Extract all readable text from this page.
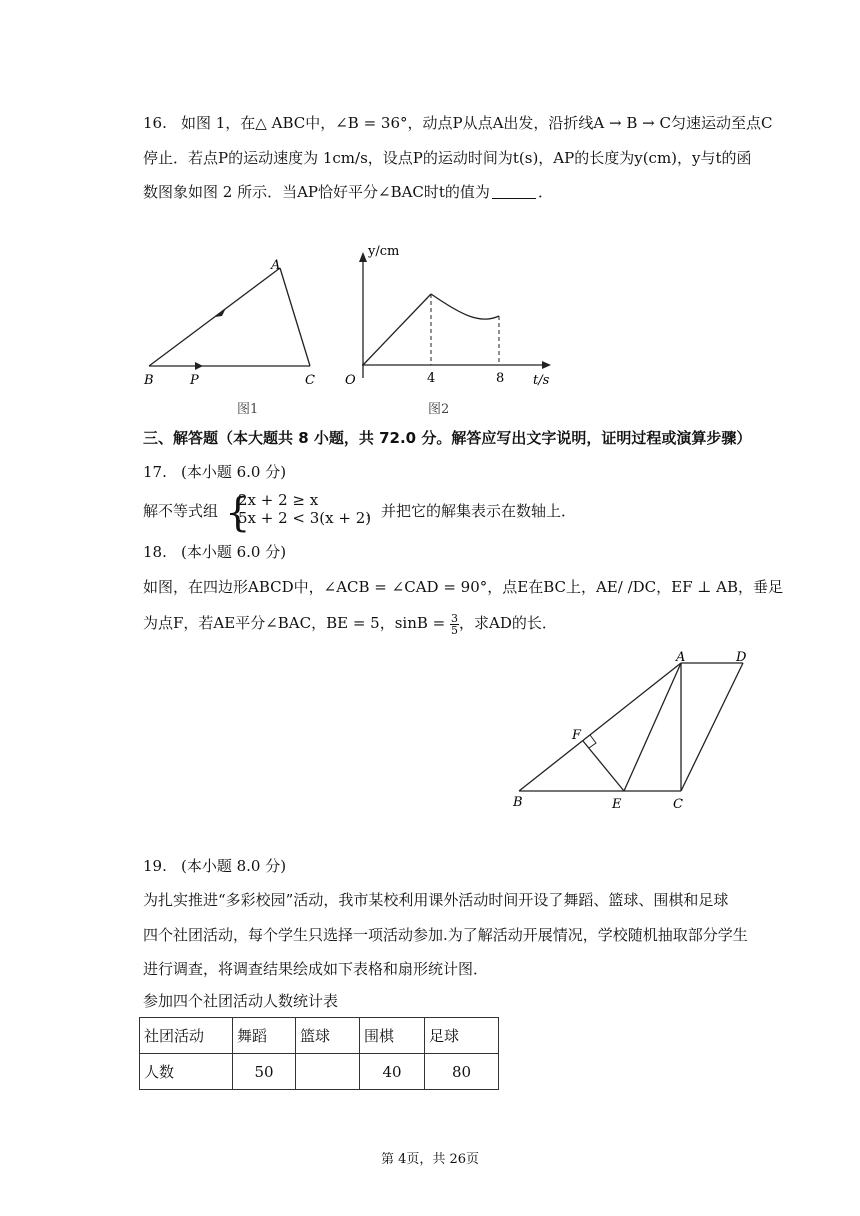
16. 如图 1，在△ ABC中，∠B = 36°，动点P从点A出发，沿折线A → B → C匀速运动至点C
停止．若点P的运动速度为 1cm/s，设点P的运动时间为t(s)，AP的长度为y(cm)，y与t的函
数图象如图 2 所示．当AP恰好平分∠BAC时t的值为	．
A
B	P	C
图1
y/cm
t/s
O	4	8
图2
三、解答题（本大题共 8 小题，共 72.0 分。解答应写出文字说明，证明过程或演算步骤）
17. (本小题 6.0 分)
解不等式组 {
2x + 2 ≥ x
5x + 2 < 3(x + 2)
，并把它的解集表示在数轴上．
18. (本小题 6.0 分)
如图，在四边形ABCD中，∠ACB = ∠CAD = 90°，点E在BC上，AE/ /DC，EF ⊥ AB，垂足
为点F，若AE平分∠BAC，BE = 5，$\sin B = \frac{3}{5}$ ，求AD的长．
A	D
F
B	E	C
19. (本小题 8.0 分)
为扎实推进“多彩校园”活动，我市某校利用课外活动时间开设了舞蹈、篮球、围棋和足球
四个社团活动，每个学生只选择一项活动参加.为了解活动开展情况，学校随机抽取部分学生
进行调查，将调查结果绘成如下表格和扇形统计图．
参加四个社团活动人数统计表
社团活动	舞蹈	篮球	围棋	足球
人数	50		40	80
第 4页，共 26页
